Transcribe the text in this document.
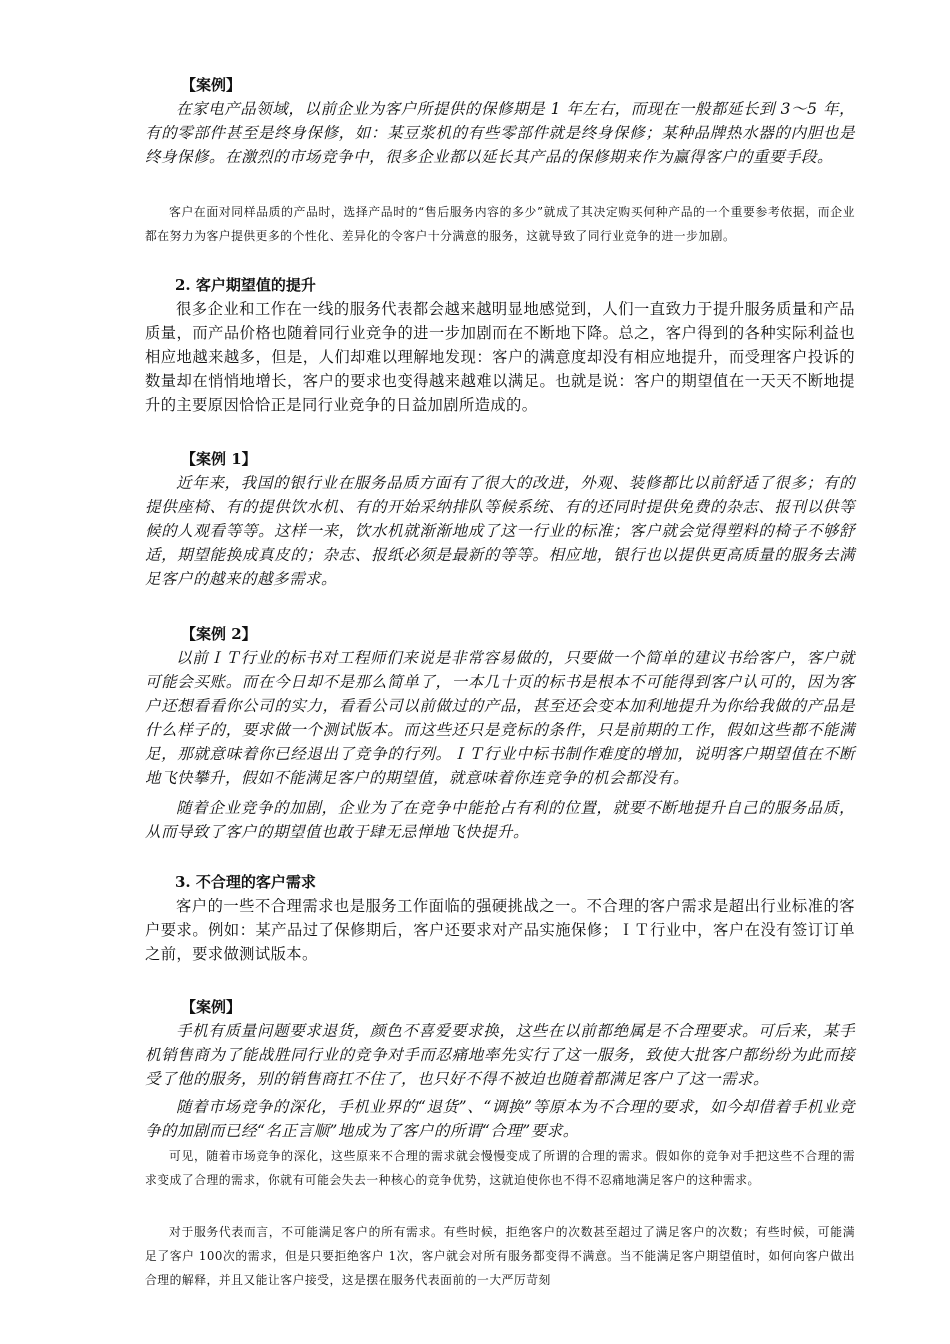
【案例】

在家电产品领域，以前企业为客户所提供的保修期是 1 年左右，而现在一般都延长到 3～5 年，有的零部件甚至是终身保修，如：某豆浆机的有些零部件就是终身保修；某种品牌热水器的内胆也是终身保修。在激烈的市场竞争中，很多企业都以延长其产品的保修期来作为赢得客户的重要手段。

客户在面对同样品质的产品时，选择产品时的“售后服务内容的多少”就成了其决定购买何种产品的一个重要参考依据，而企业都在努力为客户提供更多的个性化、差异化的令客户十分满意的服务，这就导致了同行业竞争的进一步加剧。

2. 客户期望值的提升

很多企业和工作在一线的服务代表都会越来越明显地感觉到，人们一直致力于提升服务质量和产品质量，而产品价格也随着同行业竞争的进一步加剧而在不断地下降。总之，客户得到的各种实际利益也相应地越来越多，但是，人们却难以理解地发现：客户的满意度却没有相应地提升，而受理客户投诉的数量却在悄悄地增长，客户的要求也变得越来越难以满足。也就是说：客户的期望值在一天天不断地提升的主要原因恰恰正是同行业竞争的日益加剧所造成的。

【案例 1】

近年来，我国的银行业在服务品质方面有了很大的改进，外观、装修都比以前舒适了很多；有的提供座椅、有的提供饮水机、有的开始采纳排队等候系统、有的还同时提供免费的杂志、报刊以供等候的人观看等等。这样一来，饮水机就渐渐地成了这一行业的标准；客户就会觉得塑料的椅子不够舒适，期望能换成真皮的；杂志、报纸必须是最新的等等。相应地，银行也以提供更高质量的服务去满足客户的越来的越多需求。

【案例 2】

以前ＩＴ行业的标书对工程师们来说是非常容易做的，只要做一个简单的建议书给客户，客户就可能会买账。而在今日却不是那么简单了，一本几十页的标书是根本不可能得到客户认可的，因为客户还想看看你公司的实力，看看公司以前做过的产品，甚至还会变本加利地提升为你给我做的产品是什么样子的，要求做一个测试版本。而这些还只是竞标的条件，只是前期的工作，假如这些都不能满足，那就意味着你已经退出了竞争的行列。ＩＴ行业中标书制作难度的增加，说明客户期望值在不断地飞快攀升，假如不能满足客户的期望值，就意味着你连竞争的机会都没有。

随着企业竞争的加剧，企业为了在竞争中能抢占有利的位置，就要不断地提升自己的服务品质，从而导致了客户的期望值也敢于肆无忌惮地飞快提升。

3. 不合理的客户需求

客户的一些不合理需求也是服务工作面临的强硬挑战之一。不合理的客户需求是超出行业标准的客户要求。例如：某产品过了保修期后，客户还要求对产品实施保修；ＩＴ行业中，客户在没有签订订单之前，要求做测试版本。

【案例】

手机有质量问题要求退货，颜色不喜爱要求换，这些在以前都绝属是不合理要求。可后来，某手机销售商为了能战胜同行业的竞争对手而忍痛地率先实行了这一服务，致使大批客户都纷纷为此而接受了他的服务，别的销售商扛不住了，也只好不得不被迫也随着都满足客户了这一需求。

随着市场竞争的深化，手机业界的“退货”、“调换”等原本为不合理的要求，如今却借着手机业竞争的加剧而已经“名正言顺”地成为了客户的所谓“合理”要求。

可见，随着市场竞争的深化，这些原来不合理的需求就会慢慢变成了所谓的合理的需求。假如你的竞争对手把这些不合理的需求变成了合理的需求，你就有可能会失去一种核心的竞争优势，这就迫使你也不得不忍痛地满足客户的这种需求。

对于服务代表而言，不可能满足客户的所有需求。有些时候，拒绝客户的次数甚至超过了满足客户的次数；有些时候，可能满足了客户 100次的需求，但是只要拒绝客户 1次，客户就会对所有服务都变得不满意。当不能满足客户期望值时，如何向客户做出合理的解释，并且又能让客户接受，这是摆在服务代表面前的一大严厉苛刻
